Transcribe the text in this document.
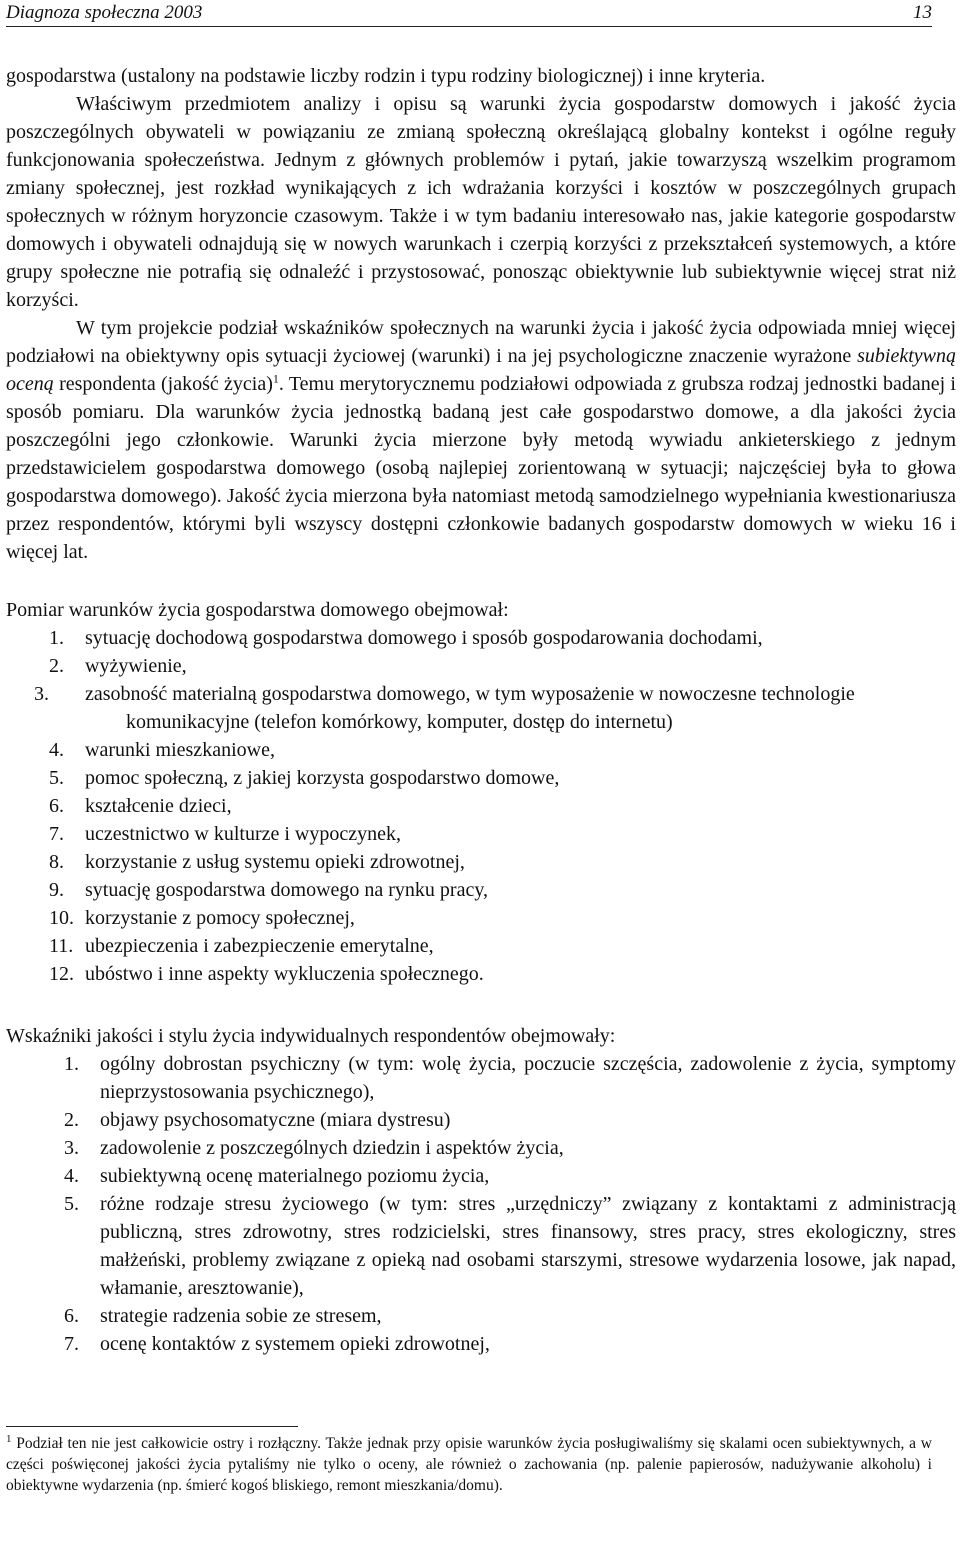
Diagnoza społeczna 2003	13

gospodarstwa (ustalony na podstawie liczby rodzin i typu rodziny biologicznej) i inne kryteria.

Właściwym przedmiotem analizy i opisu są warunki życia gospodarstw domowych i jakość życia poszczególnych obywateli w powiązaniu ze zmianą społeczną określającą globalny kontekst i ogólne reguły funkcjonowania społeczeństwa. Jednym z głównych problemów i pytań, jakie towarzyszą wszelkim programom zmiany społecznej, jest rozkład wynikających z ich wdrażania korzyści i kosztów w poszczególnych grupach społecznych w różnym horyzoncie czasowym. Także i w tym badaniu interesowało nas, jakie kategorie gospodarstw domowych i obywateli odnajdują się w nowych warunkach i czerpią korzyści z przekształceń systemowych, a które grupy społeczne nie potrafią się odnaleźć i przystosować, ponosząc obiektywnie lub subiektywnie więcej strat niż korzyści.

W tym projekcie podział wskaźników społecznych na warunki życia i jakość życia odpowiada mniej więcej podziałowi na obiektywny opis sytuacji życiowej (warunki) i na jej psychologiczne znaczenie wyrażone subiektywną oceną respondenta (jakość życia)$^1$. Temu merytorycznemu podziałowi odpowiada z grubsza rodzaj jednostki badanej i sposób pomiaru. Dla warunków życia jednostką badaną jest całe gospodarstwo domowe, a dla jakości życia poszczególni jego członkowie. Warunki życia mierzone były metodą wywiadu ankieterskiego z jednym przedstawicielem gospodarstwa domowego (osobą najlepiej zorientowaną w sytuacji; najczęściej była to głowa gospodarstwa domowego). Jakość życia mierzona była natomiast metodą samodzielnego wypełniania kwestionariusza przez respondentów, którymi byli wszyscy dostępni członkowie badanych gospodarstw domowych w wieku 16 i więcej lat.

Pomiar warunków życia gospodarstwa domowego obejmował:

1. sytuację dochodową gospodarstwa domowego i sposób gospodarowania dochodami,
2. wyżywienie,
3. zasobność materialną gospodarstwa domowego, w tym wyposażenie w nowoczesne technologie komunikacyjne (telefon komórkowy, komputer, dostęp do internetu)
4. warunki mieszkaniowe,
5. pomoc społeczną, z jakiej korzysta gospodarstwo domowe,
6. kształcenie dzieci,
7. uczestnictwo w kulturze i wypoczynek,
8. korzystanie z usług systemu opieki zdrowotnej,
9. sytuację gospodarstwa domowego na rynku pracy,
10. korzystanie z pomocy społecznej,
11. ubezpieczenia i zabezpieczenie emerytalne,
12. ubóstwo i inne aspekty wykluczenia społecznego.

Wskaźniki jakości i stylu życia indywidualnych respondentów obejmowały:

1. ogólny dobrostan psychiczny (w tym: wolę życia, poczucie szczęścia, zadowolenie z życia, symptomy nieprzystosowania psychicznego),
2. objawy psychosomatyczne (miara dystresu)
3. zadowolenie z poszczególnych dziedzin i aspektów życia,
4. subiektywną ocenę materialnego poziomu życia,
5. różne rodzaje stresu życiowego (w tym: stres „urzędniczy” związany z kontaktami z administracją publiczną, stres zdrowotny, stres rodzicielski, stres finansowy, stres pracy, stres ekologiczny, stres małżeński, problemy związane z opieką nad osobami starszymi, stresowe wydarzenia losowe, jak napad, włamanie, aresztowanie),
6. strategie radzenia sobie ze stresem,
7. ocenę kontaktów z systemem opieki zdrowotnej,
$^1$ Podział ten nie jest całkowicie ostry i rozłączny. Także jednak przy opisie warunków życia posługiwaliśmy się skalami ocen subiektywnych, a w części poświęconej jakości życia pytaliśmy nie tylko o oceny, ale również o zachowania (np. palenie papierosów, nadużywanie alkoholu) i obiektywne wydarzenia (np. śmierć kogoś bliskiego, remont mieszkania/domu).
